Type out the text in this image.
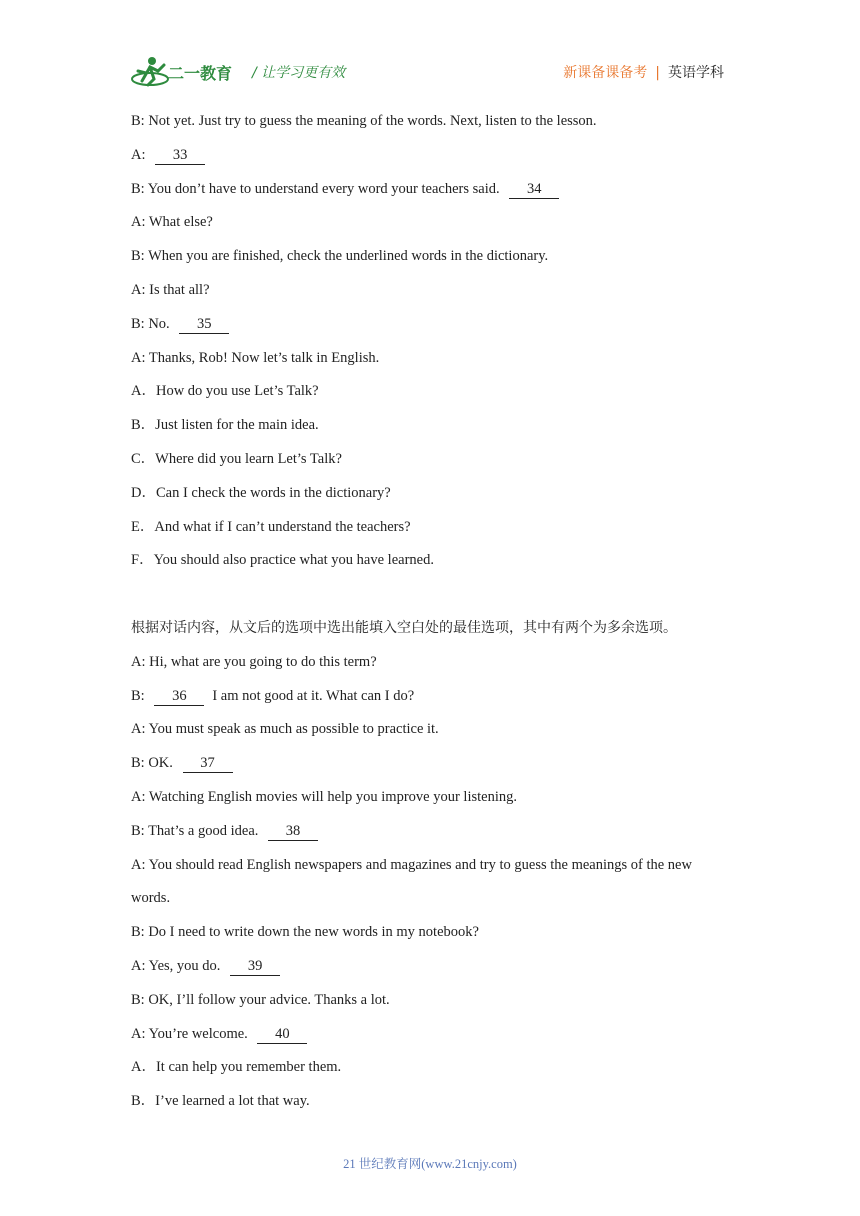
二一教育 / 让学习更有效	新课备课备考 | 英语学科
B: Not yet. Just try to guess the meaning of the words. Next, listen to the lesson.
A: 33
B: You don’t have to understand every word your teachers said. 34
A: What else?
B: When you are finished, check the underlined words in the dictionary.
A: Is that all?
B: No. 35
A: Thanks, Rob! Now let’s talk in English.
A．How do you use Let’s Talk?
B．Just listen for the main idea.
C．Where did you learn Let’s Talk?
D．Can I check the words in the dictionary?
E．And what if I can’t understand the teachers?
F．You should also practice what you have learned.
根据对话内容，从文后的选项中选出能填入空白处的最佳选项，其中有两个为多余选项。
A: Hi, what are you going to do this term?
B: 36 I am not good at it. What can I do?
A: You must speak as much as possible to practice it.
B: OK. 37
A: Watching English movies will help you improve your listening.
B: That’s a good idea. 38
A: You should read English newspapers and magazines and try to guess the meanings of the new
words.
B: Do I need to write down the new words in my notebook?
A: Yes, you do. 39
B: OK, I’ll follow your advice. Thanks a lot.
A: You’re welcome. 40
A．It can help you remember them.
B．I’ve learned a lot that way.
21 世纪教育网(www.21cnjy.com)
